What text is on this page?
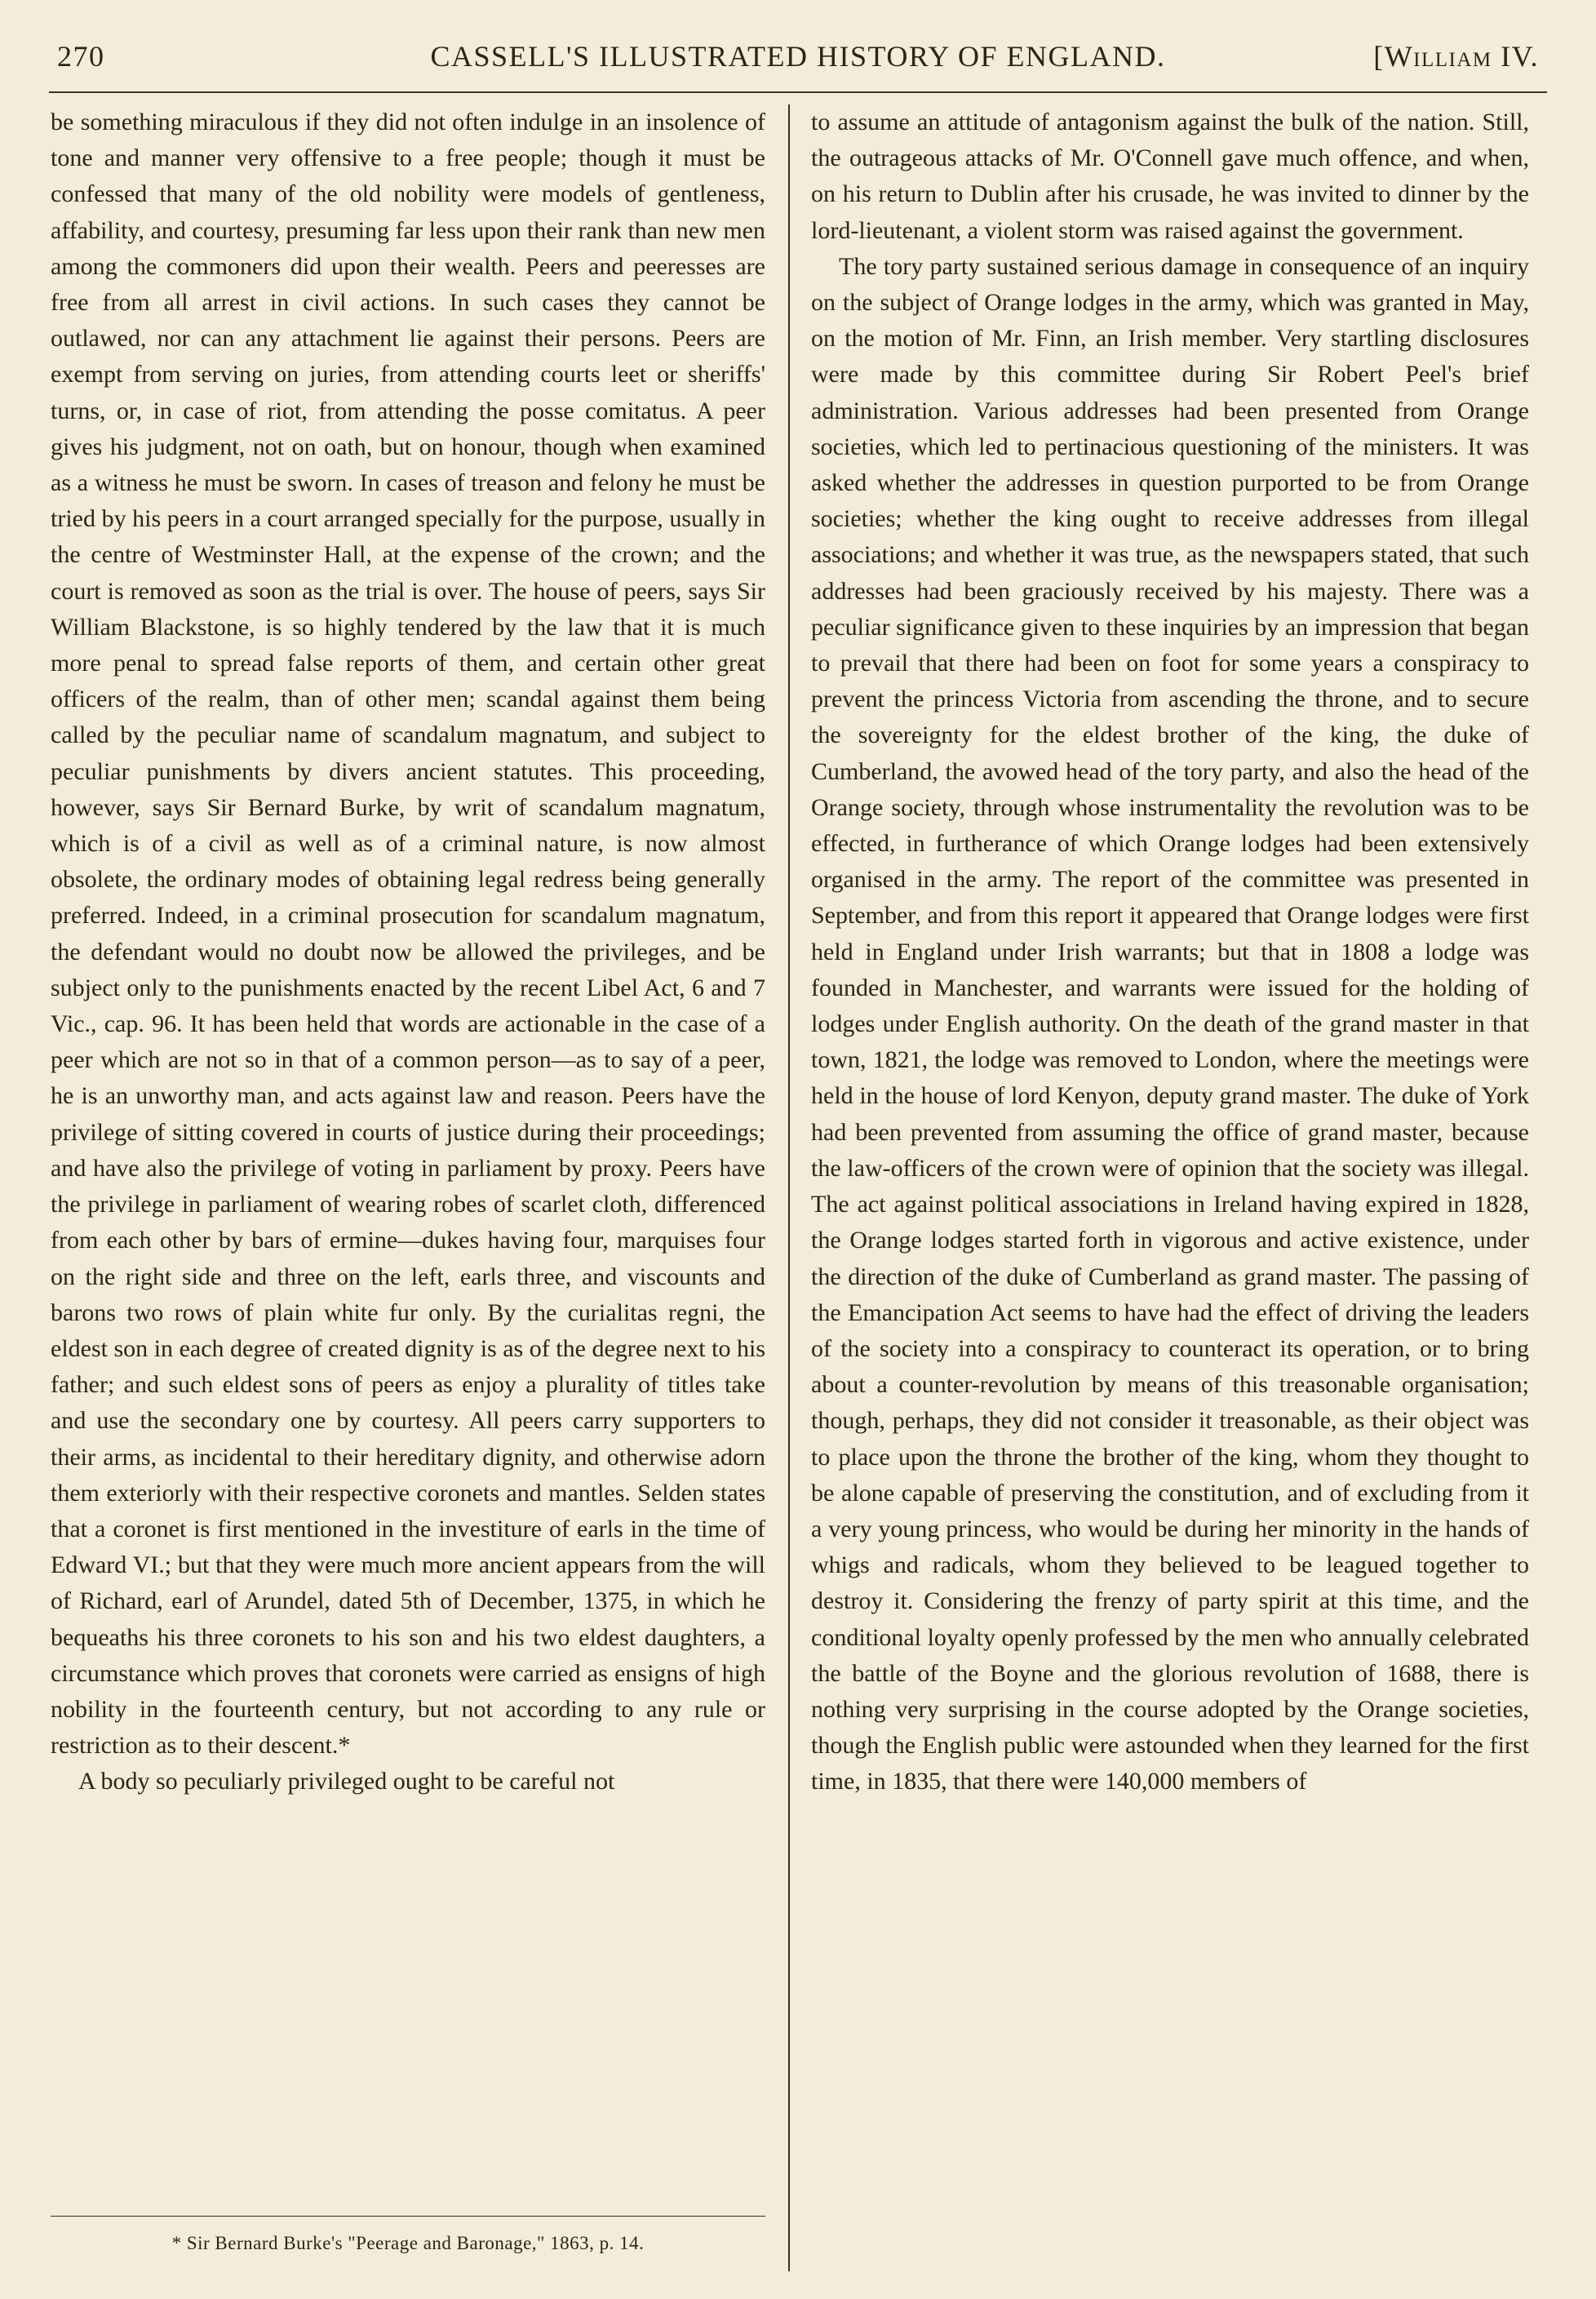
270	CASSELL'S ILLUSTRATED HISTORY OF ENGLAND.	[William IV.

be something miraculous if they did not often indulge in an insolence of tone and manner very offensive to a free people; though it must be confessed that many of the old nobility were models of gentleness, affability, and courtesy, presuming far less upon their rank than new men among the commoners did upon their wealth. Peers and peeresses are free from all arrest in civil actions. In such cases they cannot be outlawed, nor can any attachment lie against their persons. Peers are exempt from serving on juries, from attending courts leet or sheriffs' turns, or, in case of riot, from attending the posse comitatus. A peer gives his judgment, not on oath, but on honour, though when examined as a witness he must be sworn. In cases of treason and felony he must be tried by his peers in a court arranged specially for the purpose, usually in the centre of Westminster Hall, at the expense of the crown; and the court is removed as soon as the trial is over. The house of peers, says Sir William Blackstone, is so highly tendered by the law that it is much more penal to spread false reports of them, and certain other great officers of the realm, than of other men; scandal against them being called by the peculiar name of scandalum magnatum, and subject to peculiar punishments by divers ancient statutes. This proceeding, however, says Sir Bernard Burke, by writ of scandalum magnatum, which is of a civil as well as of a criminal nature, is now almost obsolete, the ordinary modes of obtaining legal redress being generally preferred. Indeed, in a criminal prosecution for scandalum magnatum, the defendant would no doubt now be allowed the privileges, and be subject only to the punishments enacted by the recent Libel Act, 6 and 7 Vic., cap. 96. It has been held that words are actionable in the case of a peer which are not so in that of a common person—as to say of a peer, he is an unworthy man, and acts against law and reason. Peers have the privilege of sitting covered in courts of justice during their proceedings; and have also the privilege of voting in parliament by proxy. Peers have the privilege in parliament of wearing robes of scarlet cloth, differenced from each other by bars of ermine—dukes having four, marquises four on the right side and three on the left, earls three, and viscounts and barons two rows of plain white fur only. By the curialitas regni, the eldest son in each degree of created dignity is as of the degree next to his father; and such eldest sons of peers as enjoy a plurality of titles take and use the secondary one by courtesy. All peers carry supporters to their arms, as incidental to their hereditary dignity, and otherwise adorn them exteriorly with their respective coronets and mantles. Selden states that a coronet is first mentioned in the investiture of earls in the time of Edward VI.; but that they were much more ancient appears from the will of Richard, earl of Arundel, dated 5th of December, 1375, in which he bequeaths his three coronets to his son and his two eldest daughters, a circumstance which proves that coronets were carried as ensigns of high nobility in the fourteenth century, but not according to any rule or restriction as to their descent.*

A body so peculiarly privileged ought to be careful not

to assume an attitude of antagonism against the bulk of the nation. Still, the outrageous attacks of Mr. O'Connell gave much offence, and when, on his return to Dublin after his crusade, he was invited to dinner by the lord-lieutenant, a violent storm was raised against the government.

The tory party sustained serious damage in consequence of an inquiry on the subject of Orange lodges in the army, which was granted in May, on the motion of Mr. Finn, an Irish member. Very startling disclosures were made by this committee during Sir Robert Peel's brief administration. Various addresses had been presented from Orange societies, which led to pertinacious questioning of the ministers. It was asked whether the addresses in question purported to be from Orange societies; whether the king ought to receive addresses from illegal associations; and whether it was true, as the newspapers stated, that such addresses had been graciously received by his majesty. There was a peculiar significance given to these inquiries by an impression that began to prevail that there had been on foot for some years a conspiracy to prevent the princess Victoria from ascending the throne, and to secure the sovereignty for the eldest brother of the king, the duke of Cumberland, the avowed head of the tory party, and also the head of the Orange society, through whose instrumentality the revolution was to be effected, in furtherance of which Orange lodges had been extensively organised in the army. The report of the committee was presented in September, and from this report it appeared that Orange lodges were first held in England under Irish warrants; but that in 1808 a lodge was founded in Manchester, and warrants were issued for the holding of lodges under English authority. On the death of the grand master in that town, 1821, the lodge was removed to London, where the meetings were held in the house of lord Kenyon, deputy grand master. The duke of York had been prevented from assuming the office of grand master, because the law-officers of the crown were of opinion that the society was illegal. The act against political associations in Ireland having expired in 1828, the Orange lodges started forth in vigorous and active existence, under the direction of the duke of Cumberland as grand master. The passing of the Emancipation Act seems to have had the effect of driving the leaders of the society into a conspiracy to counteract its operation, or to bring about a counter-revolution by means of this treasonable organisation; though, perhaps, they did not consider it treasonable, as their object was to place upon the throne the brother of the king, whom they thought to be alone capable of preserving the constitution, and of excluding from it a very young princess, who would be during her minority in the hands of whigs and radicals, whom they believed to be leagued together to destroy it. Considering the frenzy of party spirit at this time, and the conditional loyalty openly professed by the men who annually celebrated the battle of the Boyne and the glorious revolution of 1688, there is nothing very surprising in the course adopted by the Orange societies, though the English public were astounded when they learned for the first time, in 1835, that there were 140,000 members of

* Sir Bernard Burke's "Peerage and Baronage," 1863, p. 14.
